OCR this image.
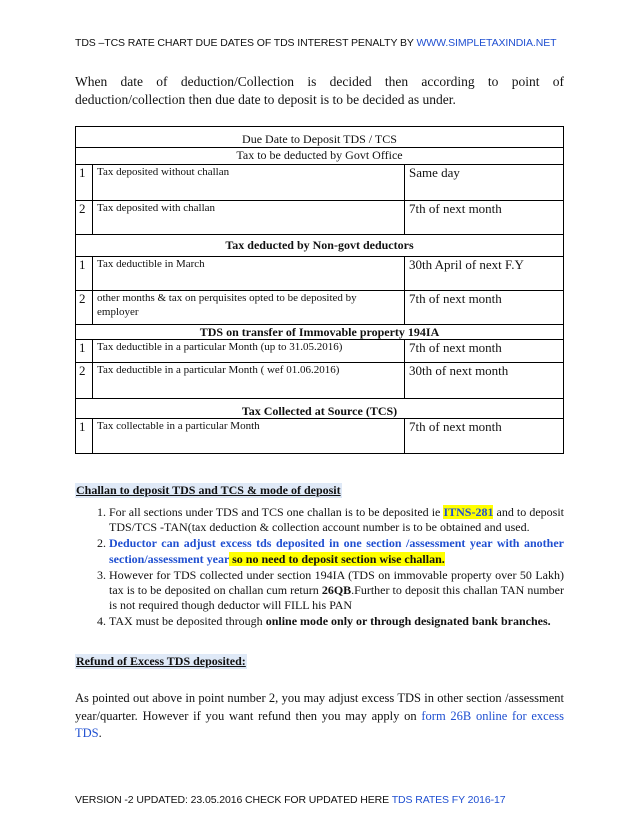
TDS –TCS RATE CHART DUE DATES OF TDS INTEREST PENALTY BY WWW.SIMPLETAXINDIA.NET
When date of deduction/Collection is decided then according to point of deduction/collection then due date to deposit is to be decided as under.
Due Date to Deposit TDS / TCS		
Tax to be deducted by Govt Office		
1	Tax deposited without challan	Same day
2	Tax deposited with challan	7th of next month
Tax deducted by Non-govt deductors		
1	Tax deductible in March	30th April of next F.Y
2	other months & tax on perquisites opted to be deposited by employer	7th of next month
TDS on transfer of Immovable property 194IA		
1	Tax deductible in a particular Month (up to 31.05.2016)	7th of next month
2	Tax deductible in a particular Month ( wef 01.06.2016)	30th of next month
Tax Collected at Source (TCS)		
1	Tax collectable in a particular Month	7th of next month
Challan to deposit TDS and TCS & mode of deposit
1. For all sections under TDS and TCS one challan is to be deposited ie ITNS-281 and to deposit TDS/TCS -TAN(tax deduction & collection account number is to be obtained and used.
2. Deductor can adjust excess tds deposited in one section /assessment year with another section/assessment year so no need to deposit section wise challan.
3. However for TDS collected under section 194IA (TDS on immovable property over 50 Lakh) tax is to be deposited on challan cum return 26QB.Further to deposit this challan TAN number is not required though deductor will FILL his PAN
4. TAX must be deposited through online mode only or through designated bank branches.
Refund of Excess TDS deposited:
As pointed out above in point number 2, you may adjust excess TDS in other section /assessment year/quarter. However if you want refund then you may apply on form 26B online for excess TDS.
VERSION -2 UPDATED: 23.05.2016 CHECK FOR UPDATED HERE TDS RATES FY 2016-17
